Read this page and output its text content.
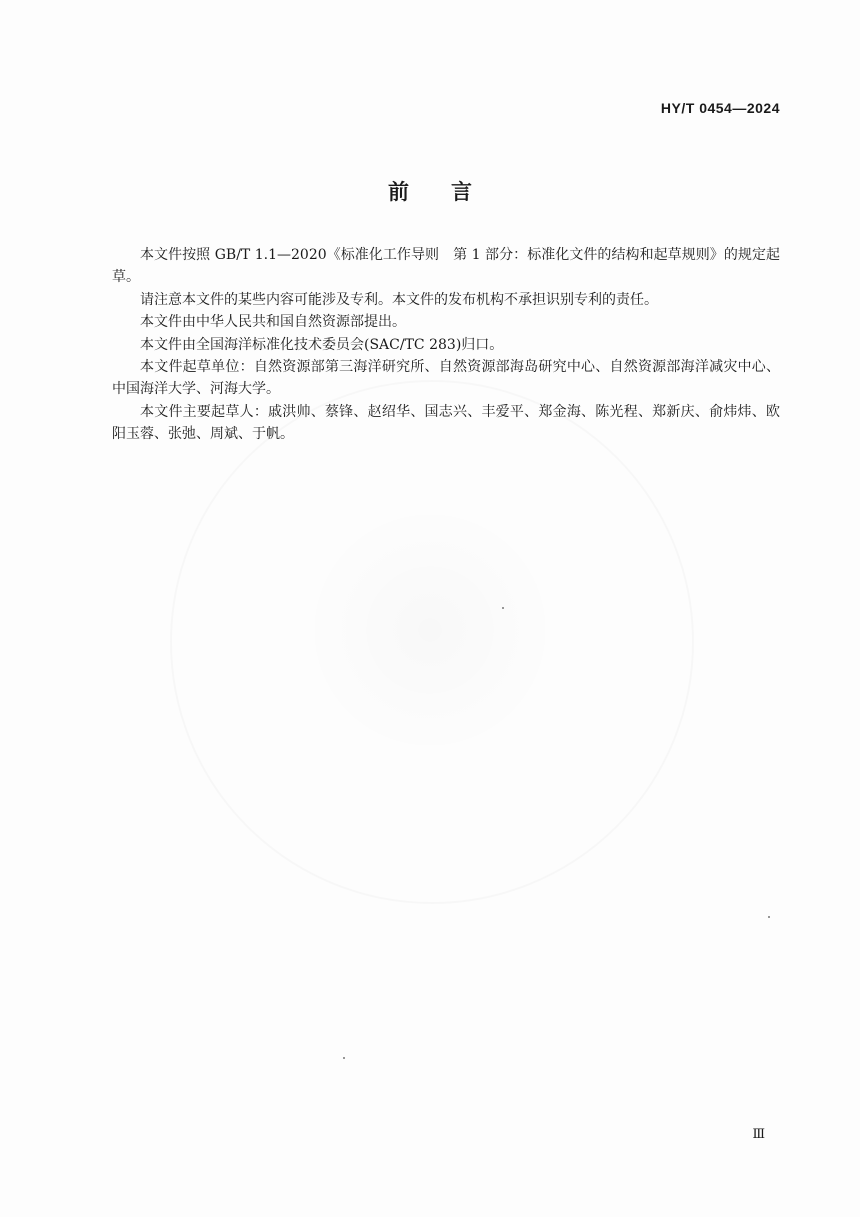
HY/T 0454—2024
前言

本文件按照 GB/T 1.1—2020《标准化工作导则　第 1 部分：标准化文件的结构和起草规则》的规定起草。

请注意本文件的某些内容可能涉及专利。本文件的发布机构不承担识别专利的责任。

本文件由中华人民共和国自然资源部提出。

本文件由全国海洋标准化技术委员会(SAC/TC 283)归口。

本文件起草单位：自然资源部第三海洋研究所、自然资源部海岛研究中心、自然资源部海洋减灾中心、中国海洋大学、河海大学。

本文件主要起草人：戚洪帅、蔡锋、赵绍华、国志兴、丰爱平、郑金海、陈光程、郑新庆、俞炜炜、欧阳玉蓉、张弛、周斌、于帆。

Ⅲ
